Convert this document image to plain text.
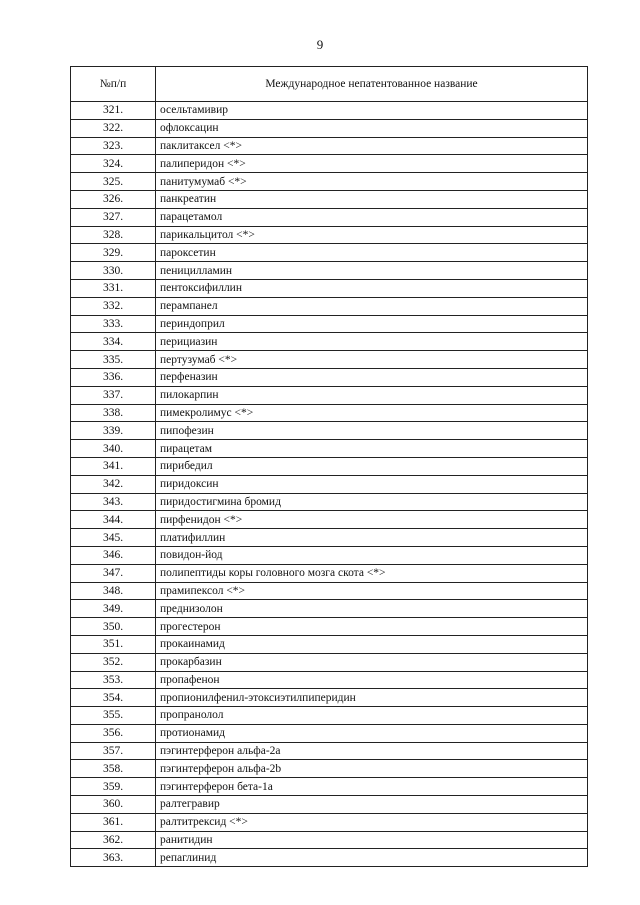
9
№п/п	Международное непатентованное название
321.	осельтамивир
322.	офлоксацин
323.	паклитаксел <*>
324.	палиперидон <*>
325.	панитумумаб <*>
326.	панкреатин
327.	парацетамол
328.	парикальцитол <*>
329.	пароксетин
330.	пеницилламин
331.	пентоксифиллин
332.	перампанел
333.	периндоприл
334.	перициазин
335.	пертузумаб <*>
336.	перфеназин
337.	пилокарпин
338.	пимекролимус <*>
339.	пипофезин
340.	пирацетам
341.	пирибедил
342.	пиридоксин
343.	пиридостигмина бромид
344.	пирфенидон <*>
345.	платифиллин
346.	повидон-йод
347.	полипептиды коры головного мозга скота <*>
348.	прамипексол <*>
349.	преднизолон
350.	прогестерон
351.	прокаинамид
352.	прокарбазин
353.	пропафенон
354.	пропионилфенил-этоксиэтилпиперидин
355.	пропранолол
356.	протионамид
357.	пэгинтерферон альфа-2а
358.	пэгинтерферон альфа-2b
359.	пэгинтерферон бета-1а
360.	ралтегравир
361.	ралтитрексид <*>
362.	ранитидин
363.	репаглинид
